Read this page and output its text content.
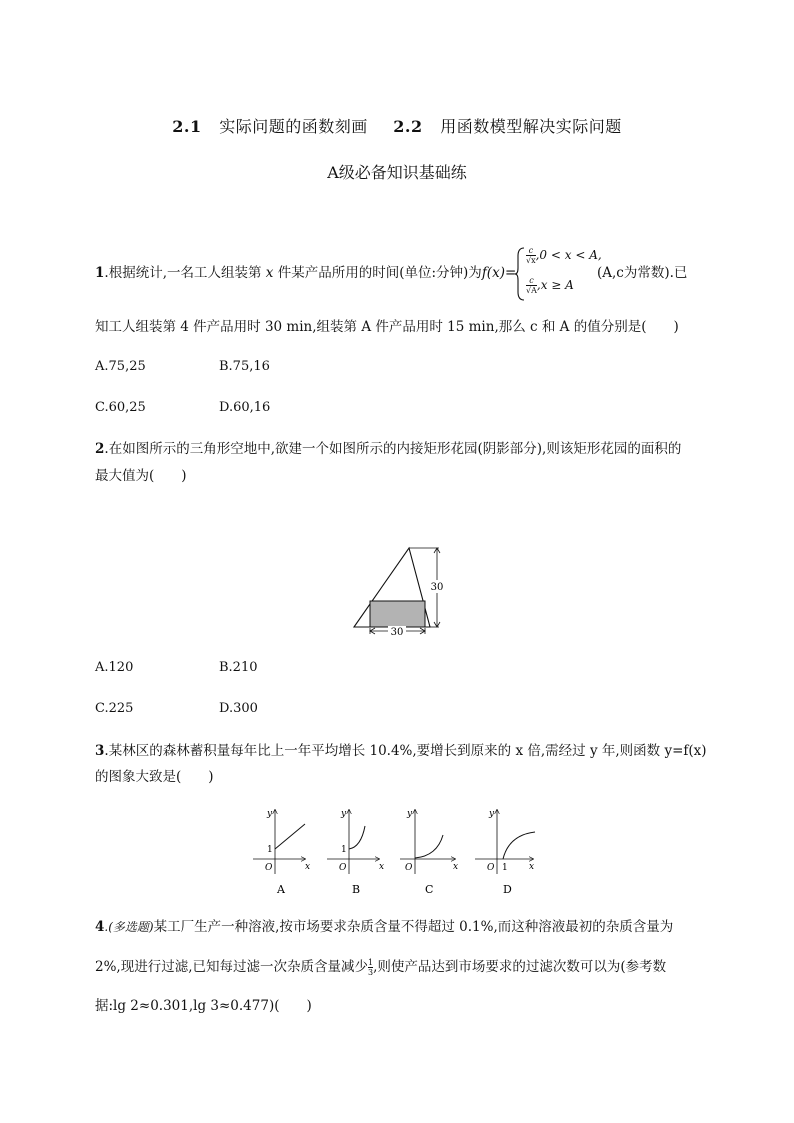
2.1 实际问题的函数刻画 2.2 用函数模型解决实际问题
A级必备知识基础练
1.根据统计,一名工人组装第 x 件某产品所用的时间(单位:分钟)为f(x)=
$\frac{c}{√x} ,0 < x < A$,
$\frac{c}{√A} ,x \ge A$
(A,c为常数).已
知工人组装第 4 件产品用时 30 min,组装第 A 件产品用时 15 min,那么 c 和 A 的值分别是(　　)
A.75,25	B.75,16
C.60,25	D.60,16
2.在如图所示的三角形空地中,欲建一个如图所示的内接矩形花园(阴影部分),则该矩形花园的面积的
最大值为(　　)
30
30
A.120	B.210
C.225	D.300
3.某林区的森林蓄积量每年比上一年平均增长 10.4%,要增长到原来的 x 倍,需经过 y 年,则函数 y=f(x)
的图象大致是(　　)
y
x
O
1
A
y
x
O
1
B
y
x
O
C
y
x
O 1
D
4.(多选题)某工厂生产一种溶液,按市场要求杂质含量不得超过 0.1%,而这种溶液最初的杂质含量为
2%,现进行过滤,已知每过滤一次杂质含量减少 $\frac{1}{3}$ ,则使产品达到市场要求的过滤次数可以为(参考数
据:lg 2≈0.301,lg 3≈0.477)(　　)
